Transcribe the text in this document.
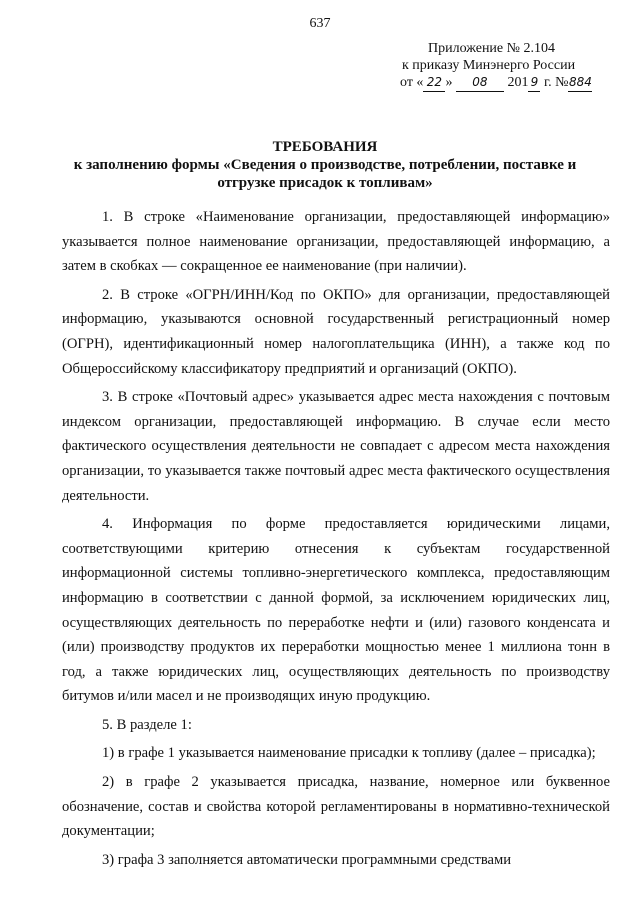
637
Приложение № 2.104
к приказу Минэнерго России
от « 22 » 08 201 9 г. №884
ТРЕБОВАНИЯ
к заполнению формы «Сведения о производстве, потреблении, поставке и отгрузке присадок к топливам»

1. В строке «Наименование организации, предоставляющей информацию» указывается полное наименование организации, предоставляющей информацию, а затем в скобках — сокращенное ее наименование (при наличии).

2. В строке «ОГРН/ИНН/Код по ОКПО» для организации, предоставляющей информацию, указываются основной государственный регистрационный номер (ОГРН), идентификационный номер налогоплательщика (ИНН), а также код по Общероссийскому классификатору предприятий и организаций (ОКПО).

3. В строке «Почтовый адрес» указывается адрес места нахождения с почтовым индексом организации, предоставляющей информацию. В случае если место фактического осуществления деятельности не совпадает с адресом места нахождения организации, то указывается также почтовый адрес места фактического осуществления деятельности.

4. Информация по форме предоставляется юридическими лицами, соответствующими критерию отнесения к субъектам государственной информационной системы топливно-энергетического комплекса, предоставляющим информацию в соответствии с данной формой, за исключением юридических лиц, осуществляющих деятельность по переработке нефти и (или) газового конденсата и (или) производству продуктов их переработки мощностью менее 1 миллиона тонн в год, а также юридических лиц, осуществляющих деятельность по производству битумов и/или масел и не производящих иную продукцию.

5. В разделе 1:

1) в графе 1 указывается наименование присадки к топливу (далее – присадка);

2) в графе 2 указывается присадка, название, номерное или буквенное обозначение, состав и свойства которой регламентированы в нормативно-технической документации;

3) графа 3 заполняется автоматически программными средствами
